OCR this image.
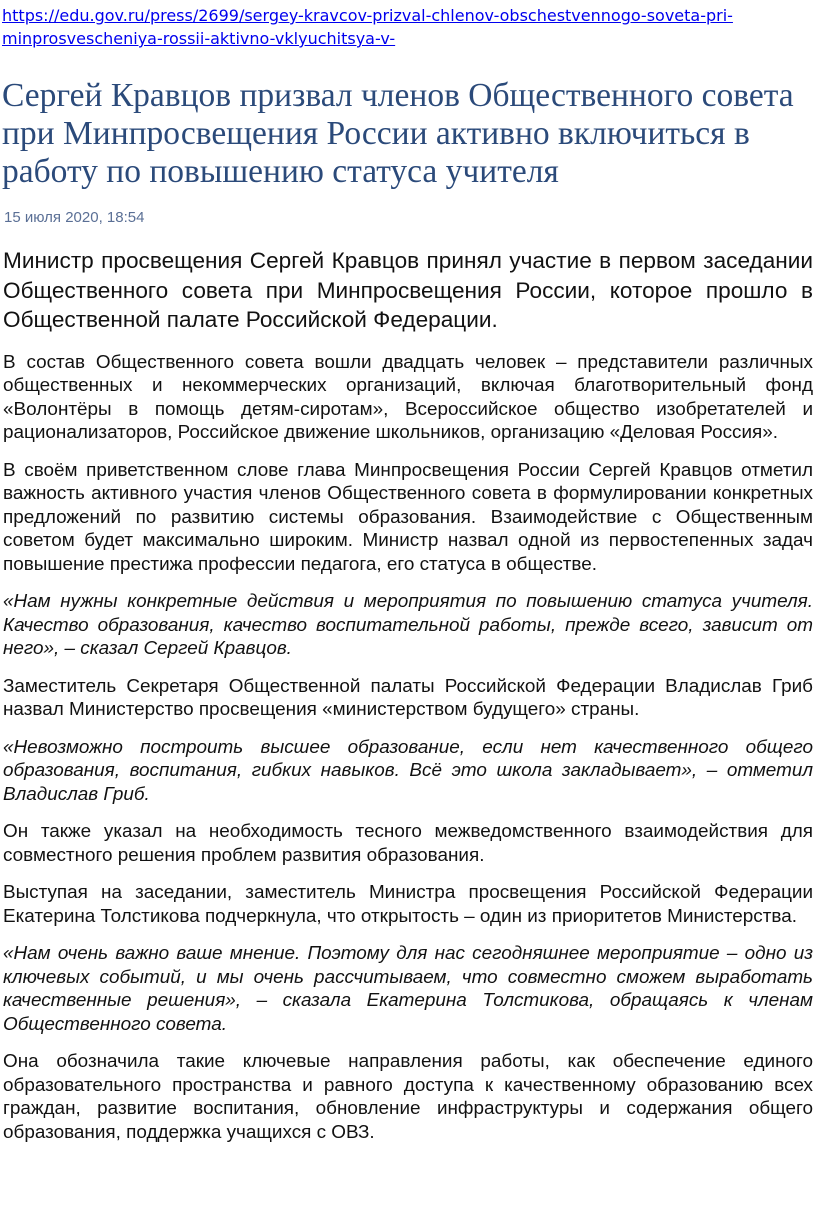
https://edu.gov.ru/press/2699/sergey-kravcov-prizval-chlenov-obschestvennogo-soveta-pri-minprosvescheniya-rossii-aktivno-vklyuchitsya-v-
Сергей Кравцов призвал членов Общественного совета при Минпросвещения России активно включиться в работу по повышению статуса учителя
15 июля 2020, 18:54

Министр просвещения Сергей Кравцов принял участие в первом заседании Общественного совета при Минпросвещения России, которое прошло в Общественной палате Российской Федерации.

В состав Общественного совета вошли двадцать человек – представители различных общественных и некоммерческих организаций, включая благотворительный фонд «Волонтёры в помощь детям-сиротам», Всероссийское общество изобретателей и рационализаторов, Российское движение школьников, организацию «Деловая Россия».

В своём приветственном слове глава Минпросвещения России Сергей Кравцов отметил важность активного участия членов Общественного совета в формулировании конкретных предложений по развитию системы образования. Взаимодействие с Общественным советом будет максимально широким. Министр назвал одной из первостепенных задач повышение престижа профессии педагога, его статуса в обществе.

«Нам нужны конкретные действия и мероприятия по повышению статуса учителя. Качество образования, качество воспитательной работы, прежде всего, зависит от него», – сказал Сергей Кравцов.

Заместитель Секретаря Общественной палаты Российской Федерации Владислав Гриб назвал Министерство просвещения «министерством будущего» страны.

«Невозможно построить высшее образование, если нет качественного общего образования, воспитания, гибких навыков. Всё это школа закладывает», – отметил Владислав Гриб.

Он также указал на необходимость тесного межведомственного взаимодействия для совместного решения проблем развития образования.

Выступая на заседании, заместитель Министра просвещения Российской Федерации Екатерина Толстикова подчеркнула, что открытость – один из приоритетов Министерства.

«Нам очень важно ваше мнение. Поэтому для нас сегодняшнее мероприятие – одно из ключевых событий, и мы очень рассчитываем, что совместно сможем выработать качественные решения», – сказала Екатерина Толстикова, обращаясь к членам Общественного совета.

Она обозначила такие ключевые направления работы, как обеспечение единого образовательного пространства и равного доступа к качественному образованию всех граждан, развитие воспитания, обновление инфраструктуры и содержания общего образования, поддержка учащихся с ОВЗ.
